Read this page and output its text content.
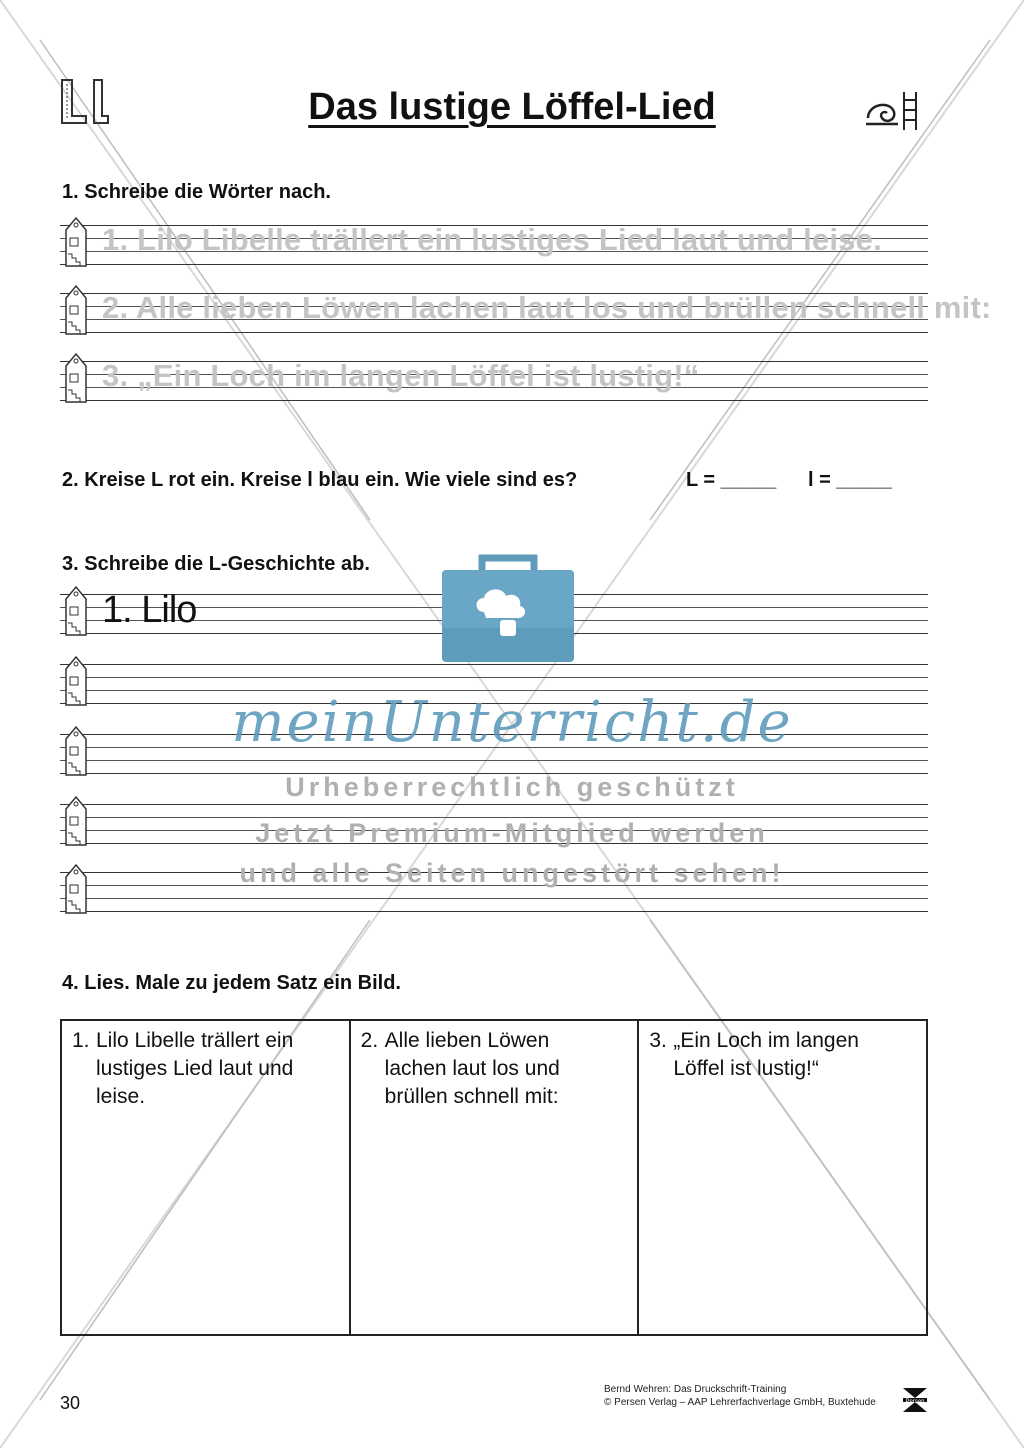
Das lustige Löffel-Lied
1. Schreibe die Wörter nach.
1. Lilo Libelle trällert ein lustiges Lied laut und leise.
2. Alle lieben Löwen lachen laut los und brüllen schnell mit:
3. „Ein Loch im langen Löffel ist lustig!“
2. Kreise L rot ein. Kreise l blau ein. Wie viele sind es?	L = _____ l = _____
3. Schreibe die L-Geschichte ab.
1. Lilo
meinUnterricht.de
Urheberrechtlich geschützt
Jetzt Premium-Mitglied werden
und alle Seiten ungestört sehen!
4. Lies. Male zu jedem Satz ein Bild.
1. Lilo Libelle trällert ein
lustiges Lied laut und
leise.
2. Alle lieben Löwen
lachen laut los und
brüllen schnell mit:
3. „Ein Loch im langen
Löffel ist lustig!“
30
Bernd Wehren: Das Druckschrift-Training
© Persen Verlag – AAP Lehrerfachverlage GmbH, Buxtehude	Persen
